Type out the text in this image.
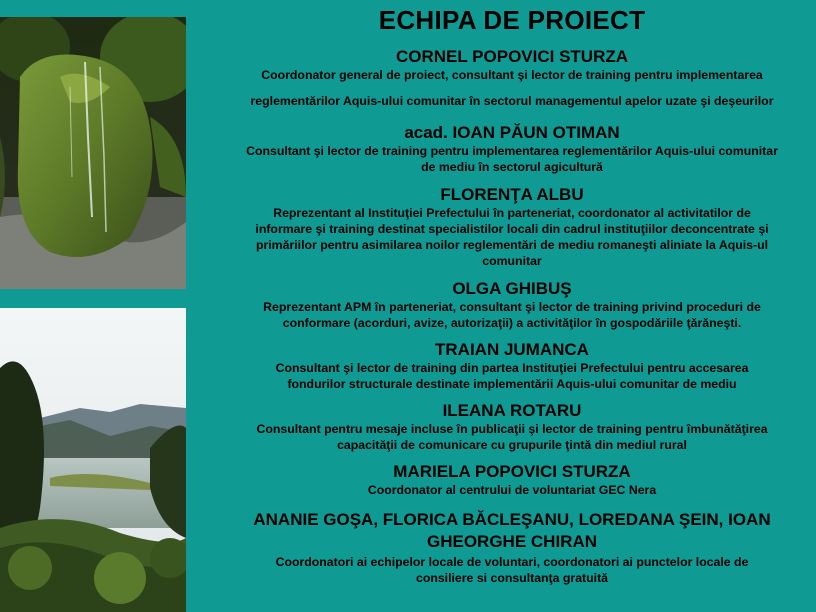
ECHIPA DE PROIECT
CORNEL POPOVICI STURZA
Coordonator general de proiect, consultant şi lector de training pentru implementarea
reglementărilor Aquis-ului comunitar în sectorul managementul apelor uzate şi deşeurilor
acad. IOAN PĂUN OTIMAN
Consultant şi lector de training pentru implementarea reglementărilor Aquis-ului comunitar
de mediu în sectorul agicultură
FLORENŢA ALBU
Reprezentant al Instituţiei Prefectului în parteneriat, coordonator al activitatilor de
informare şi training destinat specialistilor locali din cadrul instituţiilor deconcentrate şi
primăriilor pentru asimilarea noilor reglementări de mediu romaneşti aliniate la Aquis-ul
comunitar
OLGA GHIBUŞ
Reprezentant APM în parteneriat, consultant şi lector de training privind proceduri de
conformare (acorduri, avize, autorizaţii) a activităţilor în gospodăriile ţărăneşti.
TRAIAN JUMANCA
Consultant şi lector de training din partea Instituţiei Prefectului pentru accesarea
fondurilor structurale destinate implementării Aquis-ului comunitar de mediu
ILEANA ROTARU
Consultant pentru mesaje incluse în publicaţii şi lector de training pentru îmbunătăţirea
capacităţii de comunicare cu grupurile ţintă din mediul rural
MARIELA POPOVICI STURZA
Coordonator al centrului de voluntariat GEC Nera
ANANIE GOŞA, FLORICA BĂCLEŞANU, LOREDANA ŞEIN, IOAN
GHEORGHE CHIRAN
Coordonatori ai echipelor locale de voluntari, coordonatori ai punctelor locale de
consiliere si consultanţa gratuită
